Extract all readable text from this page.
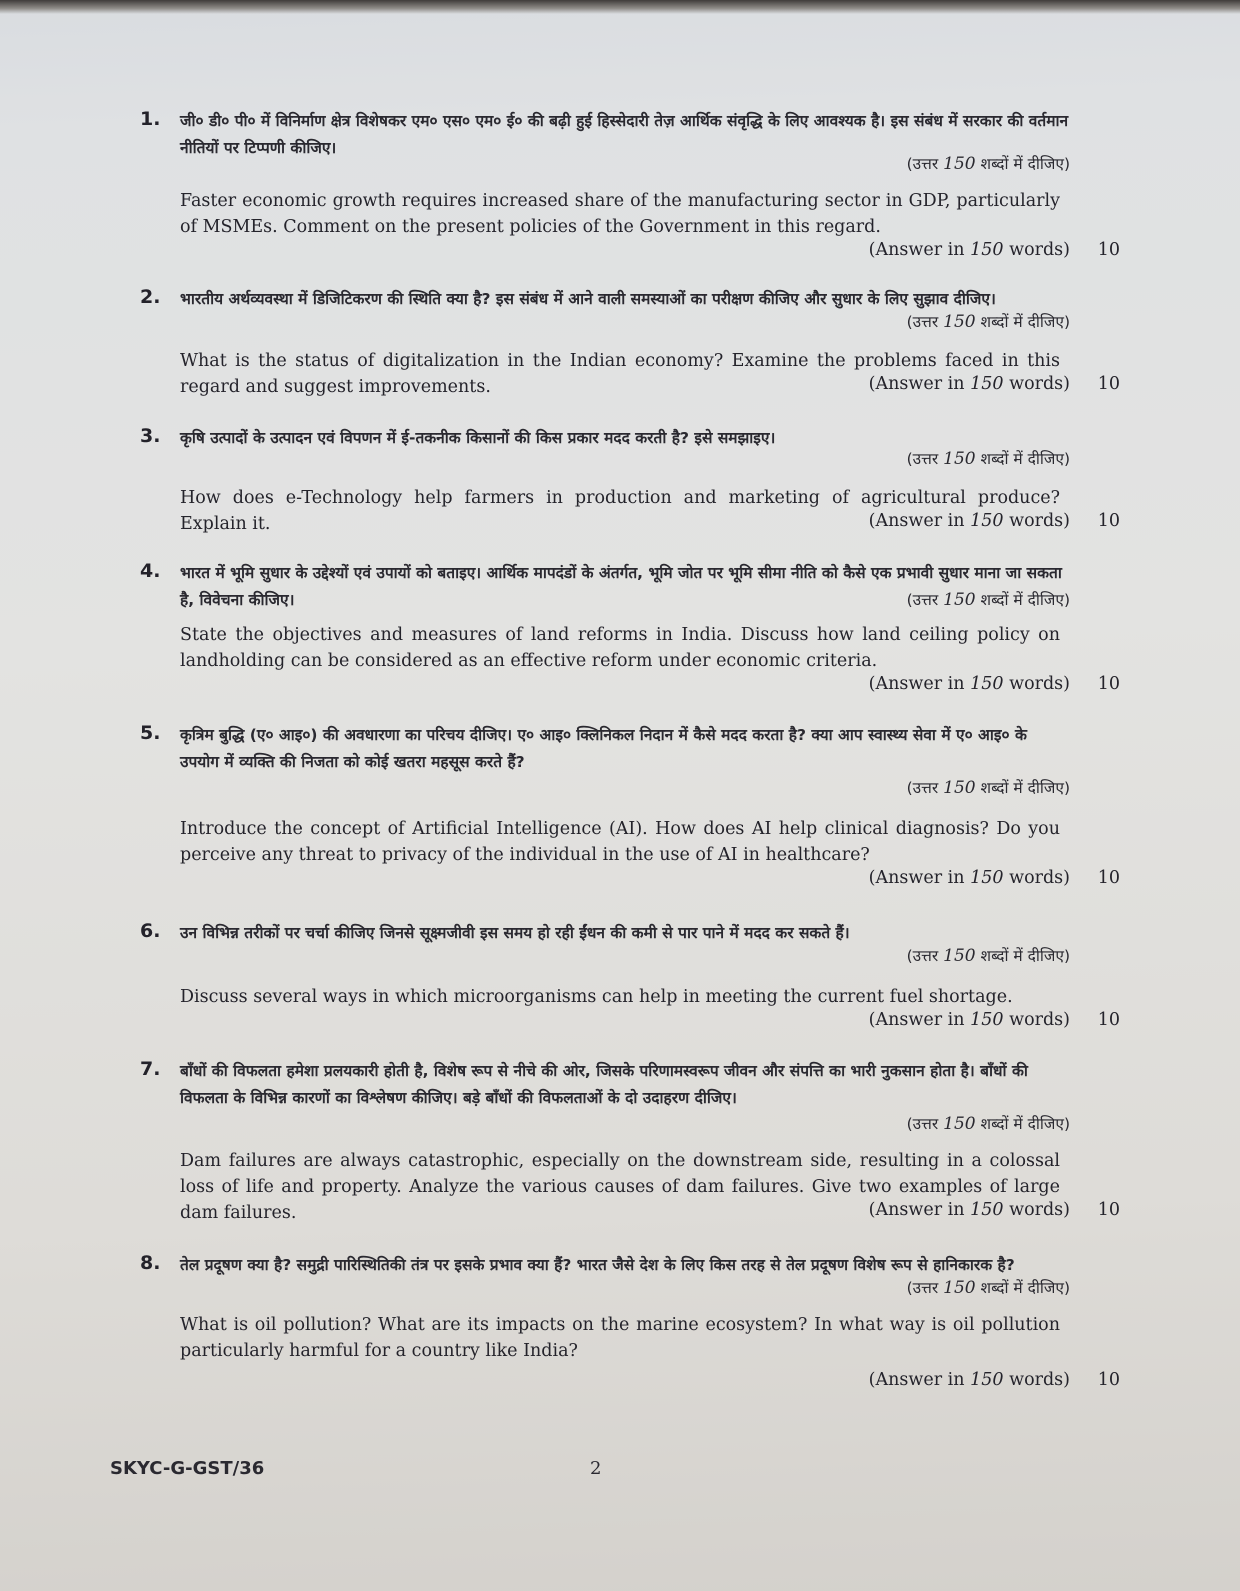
1. जी० डी० पी० में विनिर्माण क्षेत्र विशेषकर एम० एस० एम० ई० की बढ़ी हुई हिस्सेदारी तेज़ आर्थिक संवृद्धि के लिए आवश्यक है। इस संबंध में सरकार की वर्तमान नीतियों पर टिप्पणी कीजिए।
(उत्तर 150 शब्दों में दीजिए)
Faster economic growth requires increased share of the manufacturing sector in GDP, particularly of MSMEs. Comment on the present policies of the Government in this regard.
(Answer in 150 words) 10
2. भारतीय अर्थव्यवस्था में डिजिटिकरण की स्थिति क्या है? इस संबंध में आने वाली समस्याओं का परीक्षण कीजिए और सुधार के लिए सुझाव दीजिए।
(उत्तर 150 शब्दों में दीजिए)
What is the status of digitalization in the Indian economy? Examine the problems faced in this regard and suggest improvements.	(Answer in 150 words) 10
3. कृषि उत्पादों के उत्पादन एवं विपणन में ई-तकनीक किसानों की किस प्रकार मदद करती है? इसे समझाइए।
(उत्तर 150 शब्दों में दीजिए)
How does e-Technology help farmers in production and marketing of agricultural produce? Explain it.	(Answer in 150 words) 10
4. भारत में भूमि सुधार के उद्देश्यों एवं उपायों को बताइए। आर्थिक मापदंडों के अंतर्गत, भूमि जोत पर भूमि सीमा नीति को कैसे एक प्रभावी सुधार माना जा सकता है, विवेचना कीजिए।	(उत्तर 150 शब्दों में दीजिए)
State the objectives and measures of land reforms in India. Discuss how land ceiling policy on landholding can be considered as an effective reform under economic criteria.
(Answer in 150 words) 10
5. कृत्रिम बुद्धि (ए० आइ०) की अवधारणा का परिचय दीजिए। ए० आइ० क्लिनिकल निदान में कैसे मदद करता है? क्या आप स्वास्थ्य सेवा में ए० आइ० के उपयोग में व्यक्ति की निजता को कोई खतरा महसूस करते हैं?
(उत्तर 150 शब्दों में दीजिए)
Introduce the concept of Artificial Intelligence (AI). How does AI help clinical diagnosis? Do you perceive any threat to privacy of the individual in the use of AI in healthcare?
(Answer in 150 words) 10
6. उन विभिन्न तरीकों पर चर्चा कीजिए जिनसे सूक्ष्मजीवी इस समय हो रही ईंधन की कमी से पार पाने में मदद कर सकते हैं।
(उत्तर 150 शब्दों में दीजिए)
Discuss several ways in which microorganisms can help in meeting the current fuel shortage.
(Answer in 150 words) 10
7. बाँधों की विफलता हमेशा प्रलयकारी होती है, विशेष रूप से नीचे की ओर, जिसके परिणामस्वरूप जीवन और संपत्ति का भारी नुकसान होता है। बाँधों की विफलता के विभिन्न कारणों का विश्लेषण कीजिए। बड़े बाँधों की विफलताओं के दो उदाहरण दीजिए।
(उत्तर 150 शब्दों में दीजिए)
Dam failures are always catastrophic, especially on the downstream side, resulting in a colossal loss of life and property. Analyze the various causes of dam failures. Give two examples of large dam failures.	(Answer in 150 words) 10
8. तेल प्रदूषण क्या है? समुद्री पारिस्थितिकी तंत्र पर इसके प्रभाव क्या हैं? भारत जैसे देश के लिए किस तरह से तेल प्रदूषण विशेष रूप से हानिकारक है?
(उत्तर 150 शब्दों में दीजिए)
What is oil pollution? What are its impacts on the marine ecosystem? In what way is oil pollution particularly harmful for a country like India?
(Answer in 150 words) 10
SKYC-G-GST/36	2
